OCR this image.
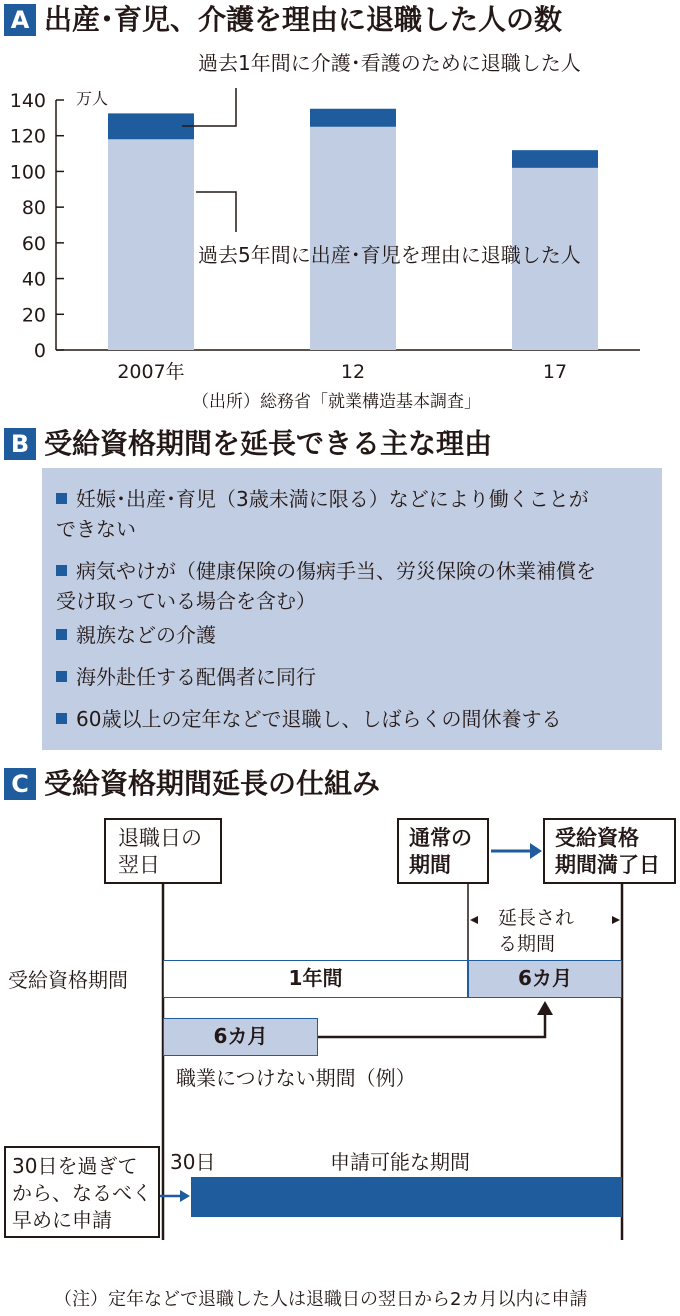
A 出産･育児、介護を理由に退職した人の数
0
20
40
60
80
100
120
140
2007年	12	17
過去1年間に介護･看護のために退職した人
過去5年間に出産･育児を理由に退職した人
万人
（出所）総務省「就業構造基本調査」
B 受給資格期間を延長できる主な理由
妊娠･出産･育児（3歳未満に限る）などにより働くことが
できない
病気やけが（健康保険の傷病手当、労災保険の休業補償を
受け取っている場合を含む）
親族などの介護
海外赴任する配偶者に同行
60歳以上の定年などで退職し、しばらくの間休養する
C 受給資格期間延長の仕組み
退職日の
翌日
通常の
期間
受給資格
期間満了日
延長され
る期間
受給資格期間	1年間	6カ月
6カ月
職業につけない期間（例）
30日を過ぎて
から、なるべく
早めに申請
30日	申請可能な期間
（注）定年などで退職した人は退職日の翌日から2カ月以内に申請
